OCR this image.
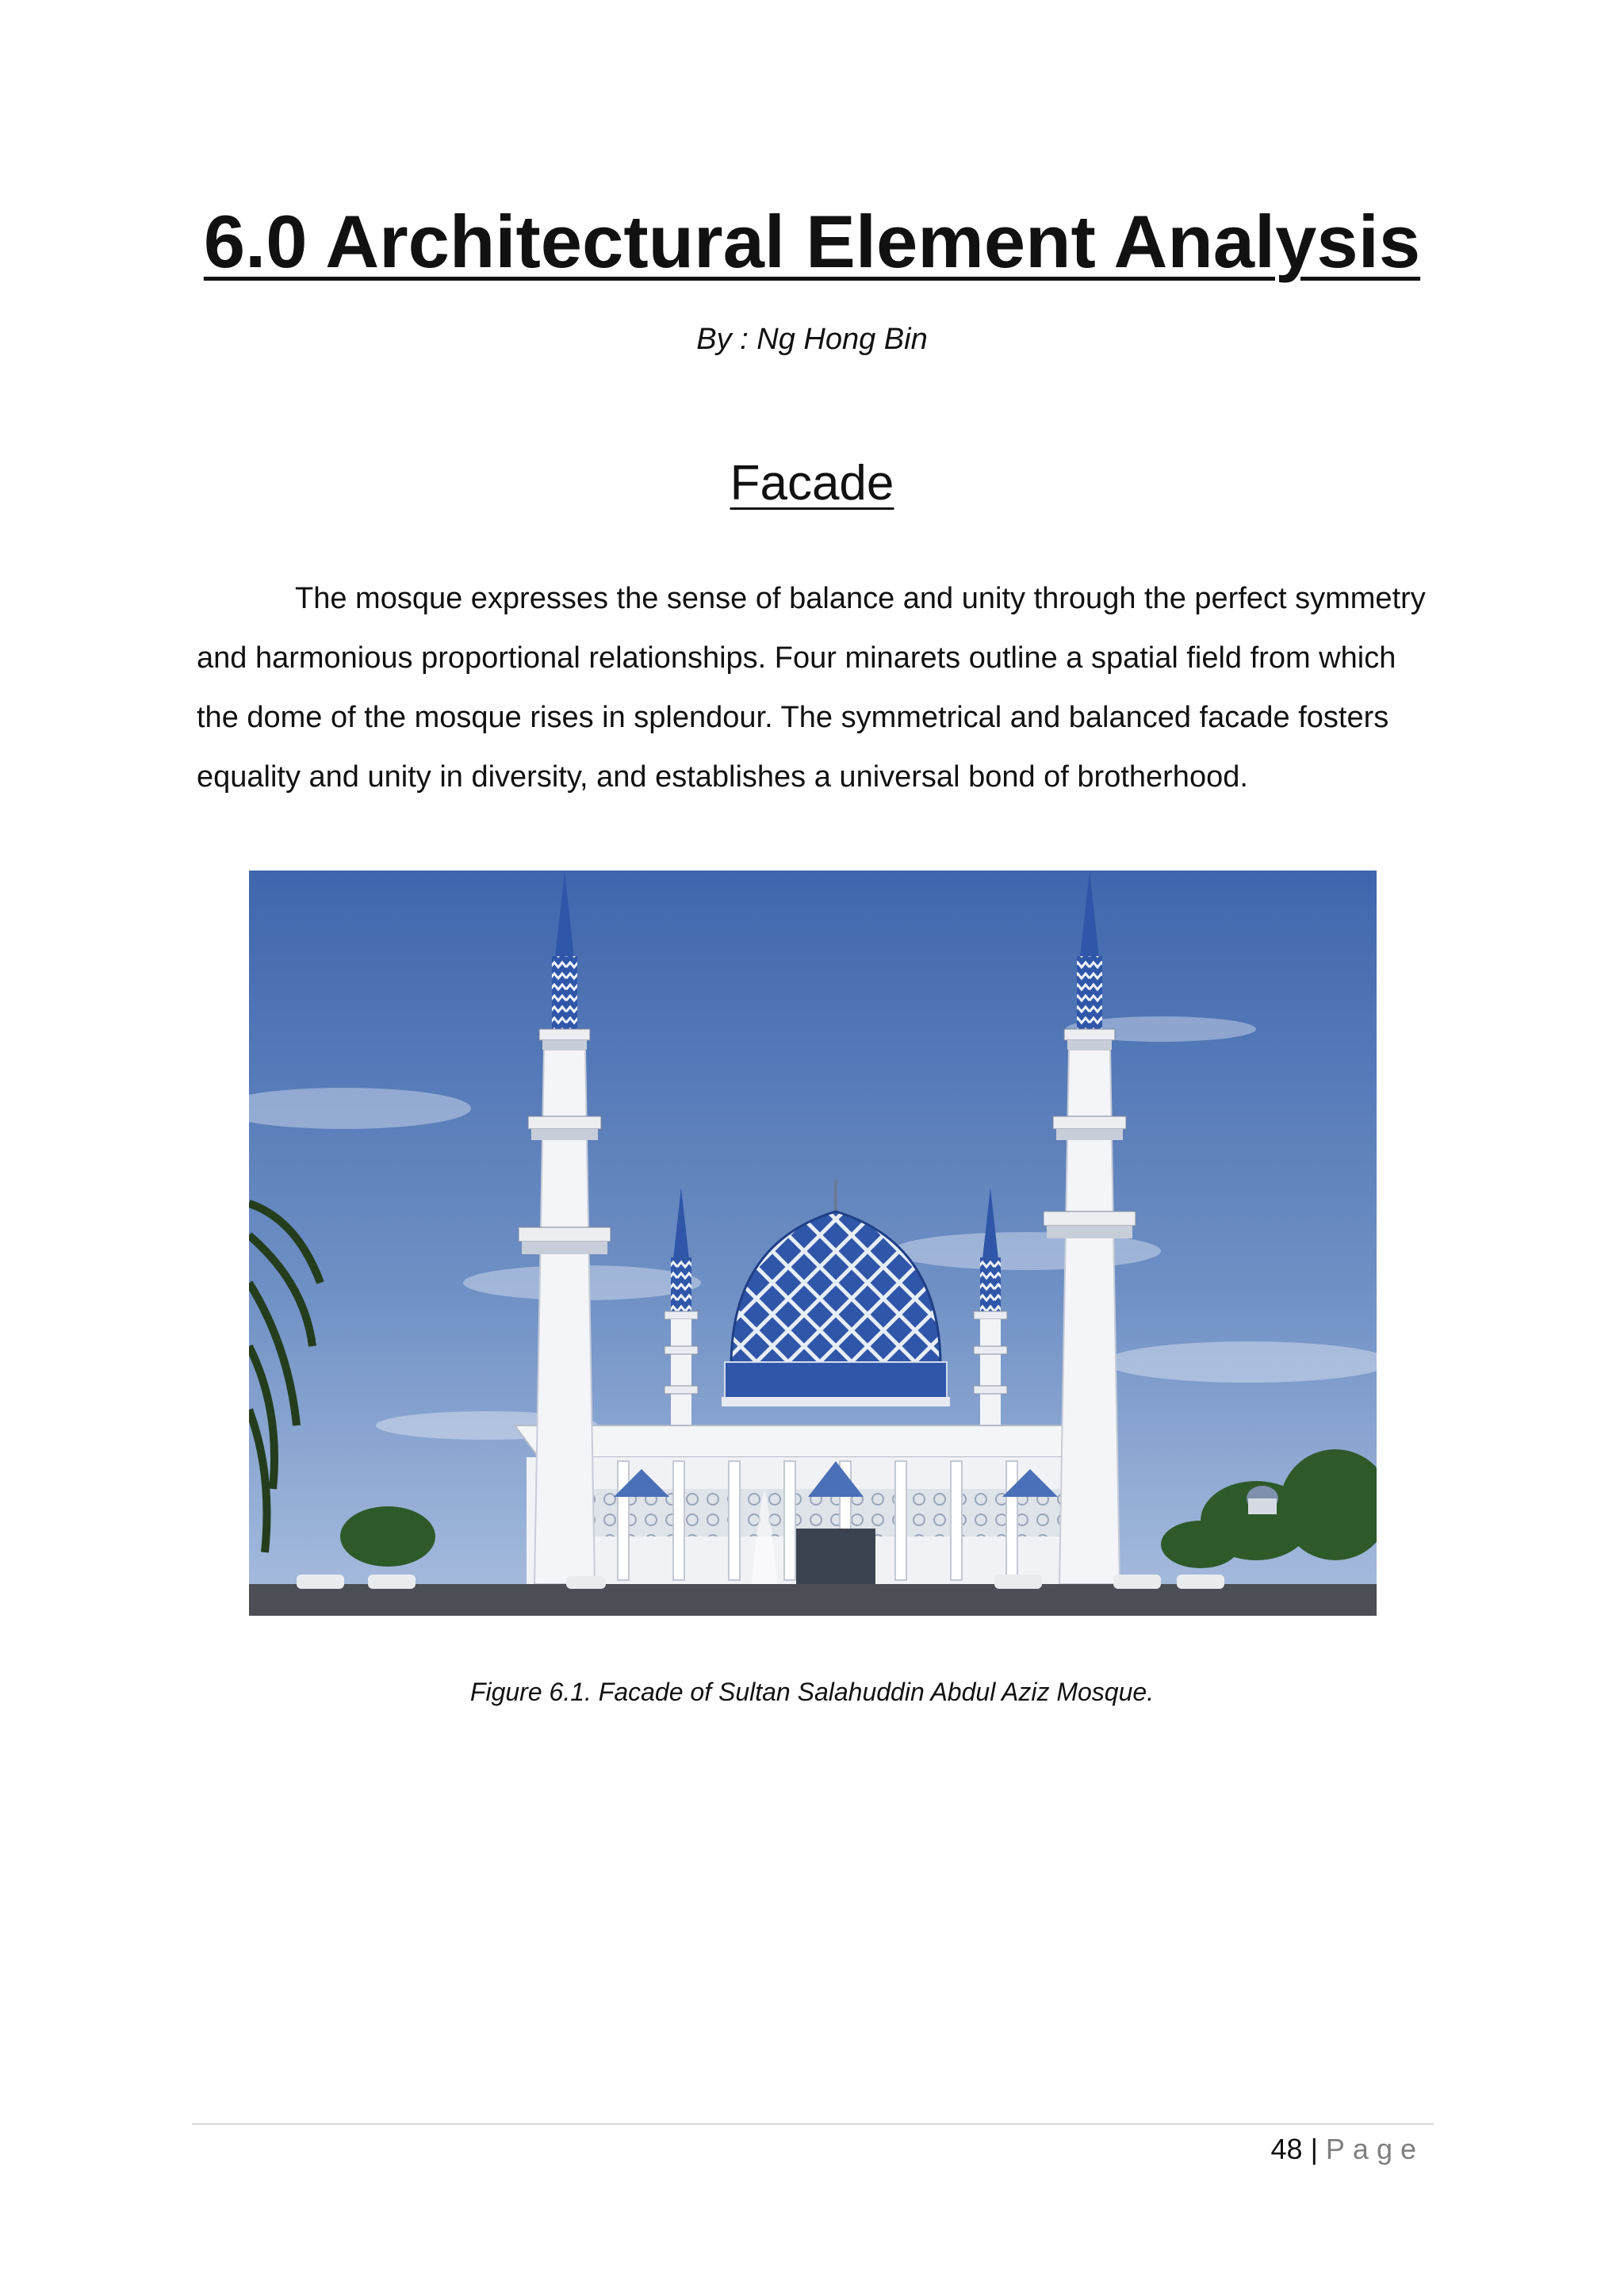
6.0 Architectural Element Analysis
By : Ng Hong Bin
Facade

The mosque expresses the sense of balance and unity through the perfect symmetry and harmonious proportional relationships. Four minarets outline a spatial field from which the dome of the mosque rises in splendour. The symmetrical and balanced facade fosters equality and unity in diversity, and establishes a universal bond of brotherhood.

Figure 6.1. Facade of Sultan Salahuddin Abdul Aziz Mosque.
48 | Page
